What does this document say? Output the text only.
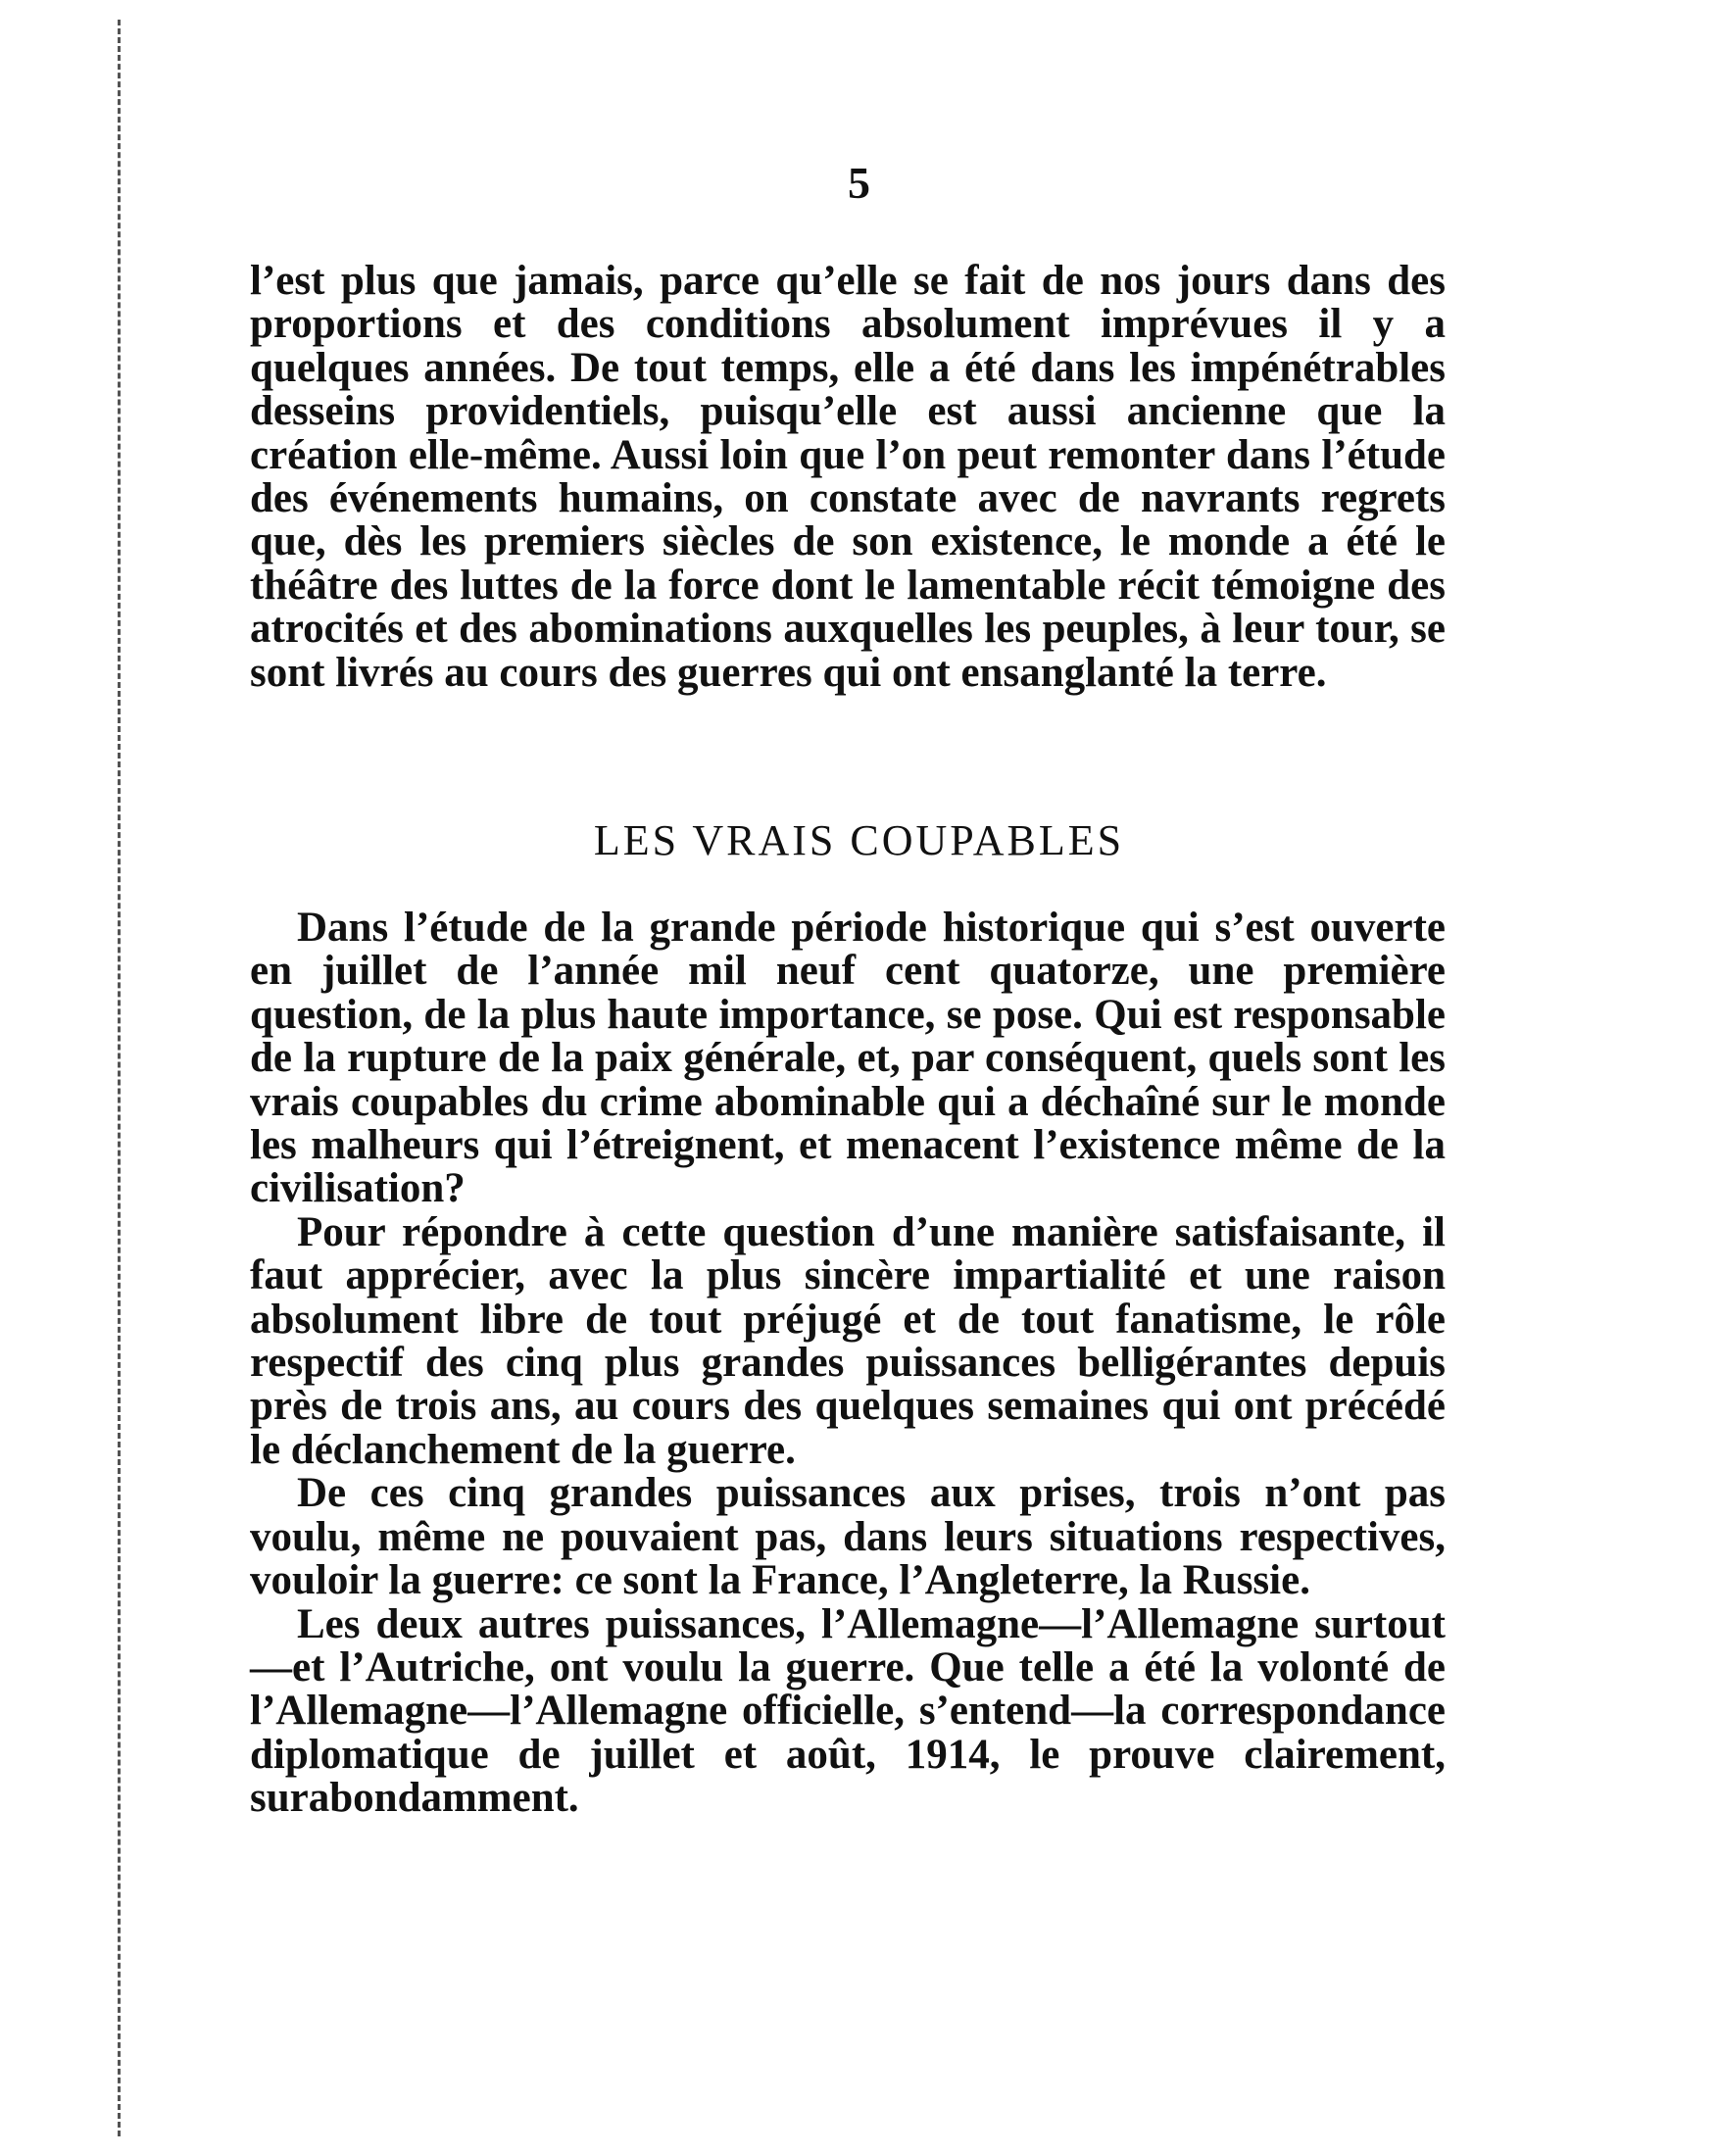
5

l’est plus que jamais, parce qu’elle se fait de nos jours dans des proportions et des conditions absolument imprévues il y a quelques années. De tout temps, elle a été dans les impénétrables desseins providentiels, puisqu’elle est aussi ancienne que la création elle-même. Aussi loin que l’on peut remonter dans l’étude des événements humains, on constate avec de navrants regrets que, dès les premiers siècles de son existence, le monde a été le théâtre des luttes de la force dont le lamentable récit témoigne des atrocités et des abominations auxquelles les peuples, à leur tour, se sont livrés au cours des guerres qui ont ensanglanté la terre.

LES VRAIS COUPABLES

Dans l’étude de la grande période historique qui s’est ouverte en juillet de l’année mil neuf cent quatorze, une première question, de la plus haute importance, se pose. Qui est responsable de la rupture de la paix générale, et, par conséquent, quels sont les vrais coupables du crime abominable qui a déchaîné sur le monde les malheurs qui l’étreignent, et menacent l’existence même de la civilisation?

Pour répondre à cette question d’une manière satisfaisante, il faut apprécier, avec la plus sincère impartialité et une raison absolument libre de tout préjugé et de tout fanatisme, le rôle respectif des cinq plus grandes puissances belligérantes depuis près de trois ans, au cours des quelques semaines qui ont précédé le déclanchement de la guerre.

De ces cinq grandes puissances aux prises, trois n’ont pas voulu, même ne pouvaient pas, dans leurs situations respectives, vouloir la guerre: ce sont la France, l’Angleterre, la Russie.

Les deux autres puissances, l’Allemagne—l’Allemagne surtout—et l’Autriche, ont voulu la guerre. Que telle a été la volonté de l’Allemagne—l’Allemagne officielle, s’entend—la correspondance diplomatique de juillet et août, 1914, le prouve clairement, surabondamment.
